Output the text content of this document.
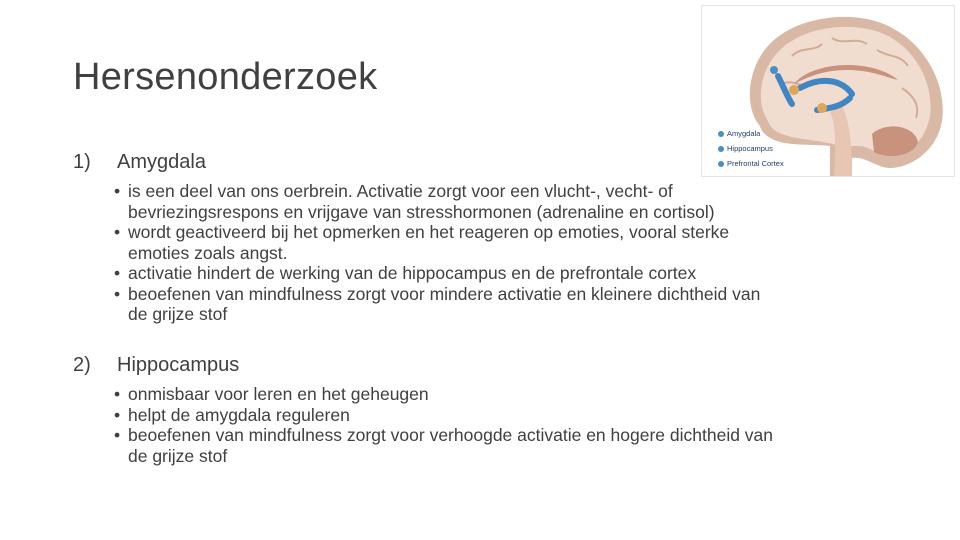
Hersenonderzoek
1)	Amygdala
• is een deel van ons oerbrein. Activatie zorgt voor een vlucht-, vecht- of
bevriezingsrespons en vrijgave van stresshormonen (adrenaline en cortisol)
• wordt geactiveerd bij het opmerken en het reageren op emoties, vooral sterke
emoties zoals angst.
• activatie hindert de werking van de hippocampus en de prefrontale cortex
• beoefenen van mindfulness zorgt voor mindere activatie en kleinere dichtheid van
de grijze stof
2)	Hippocampus
• onmisbaar voor leren en het geheugen
• helpt de amygdala reguleren
• beoefenen van mindfulness zorgt voor verhoogde activatie en hogere dichtheid van
de grijze stof
Amygdala
Hippocampus
Prefrontal Cortex
